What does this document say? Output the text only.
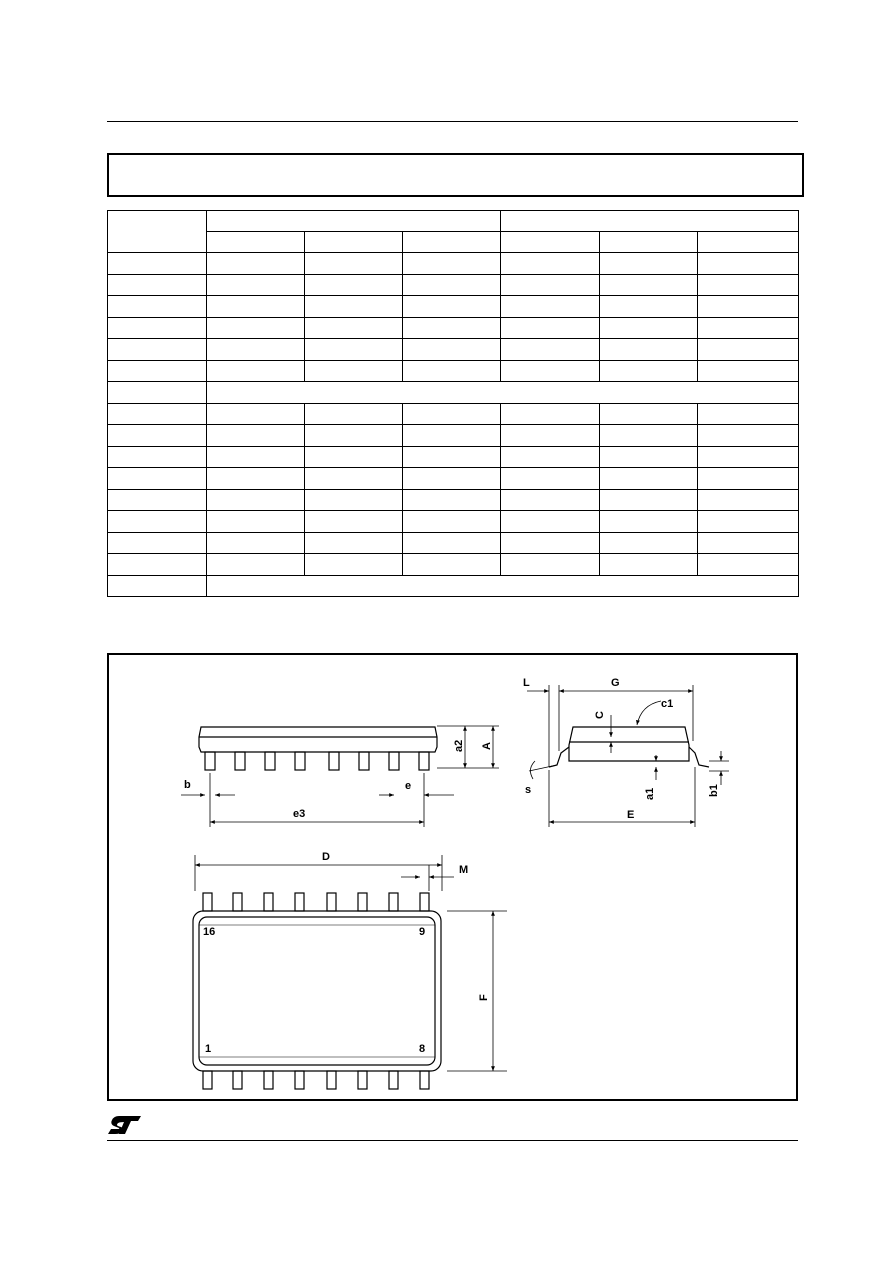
L	G
c1
C
a2 A
s	a1	b1
E
b	e
e3
D
M
F
16	9
1	8
